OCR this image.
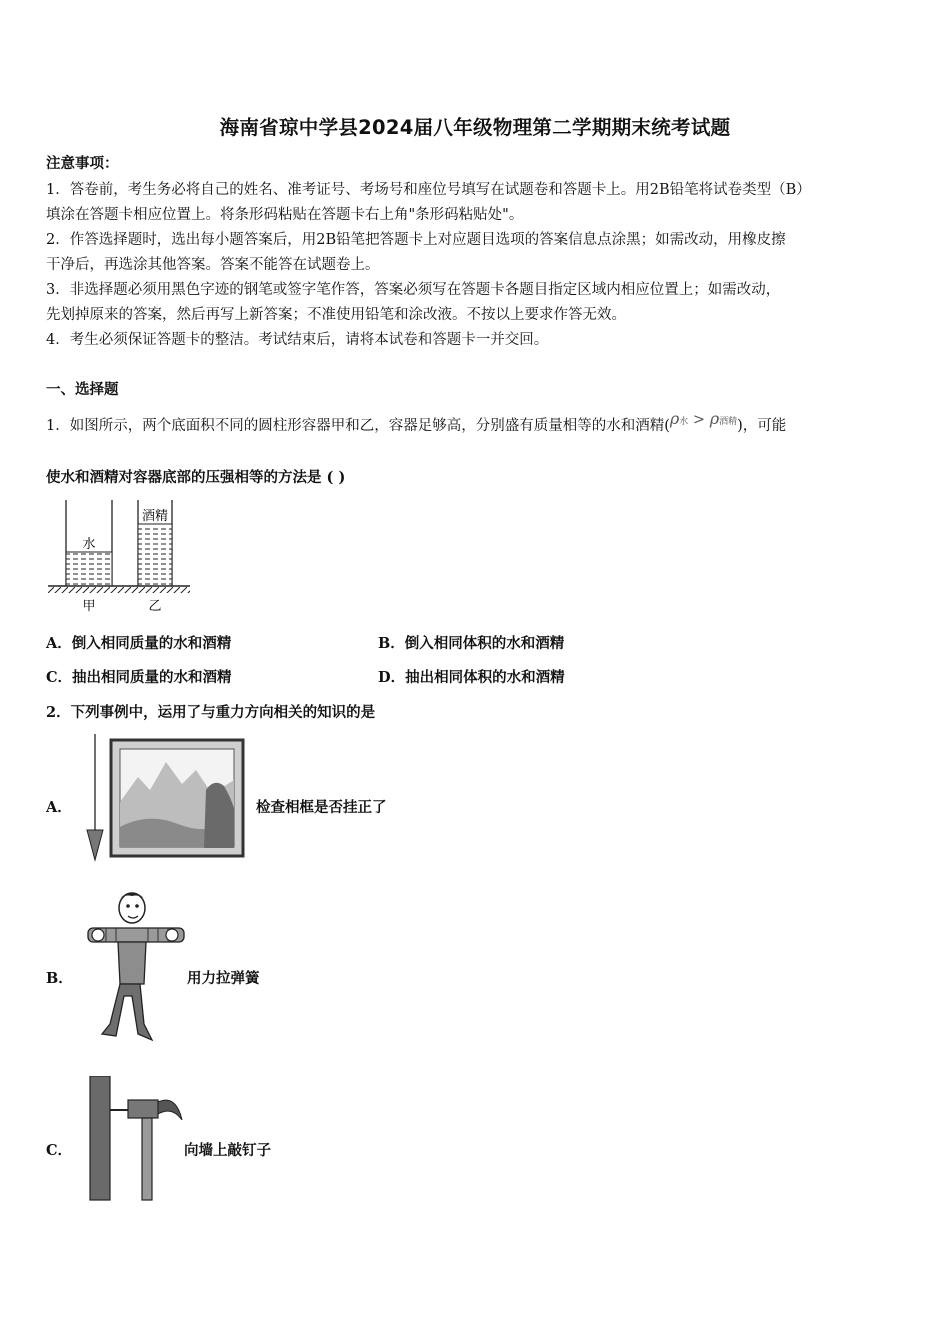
海南省琼中学县2024届八年级物理第二学期期末统考试题
注意事项：
1．答卷前，考生务必将自己的姓名、准考证号、考场号和座位号填写在试题卷和答题卡上。用2B铅笔将试卷类型（B）
填涂在答题卡相应位置上。将条形码粘贴在答题卡右上角"条形码粘贴处"。
2．作答选择题时，选出每小题答案后，用2B铅笔把答题卡上对应题目选项的答案信息点涂黑；如需改动，用橡皮擦
干净后，再选涂其他答案。答案不能答在试题卷上。
3．非选择题必须用黑色字迹的钢笔或签字笔作答，答案必须写在答题卡各题目指定区域内相应位置上；如需改动，
先划掉原来的答案，然后再写上新答案；不准使用铅笔和涂改液。不按以上要求作答无效。
4．考生必须保证答题卡的整洁。考试结束后，请将本试卷和答题卡一并交回。
一、选择题
1．如图所示，两个底面积不同的圆柱形容器甲和乙，容器足够高，分别盛有质量相等的水和酒精(ρ水 > ρ酒精)，可能
使水和酒精对容器底部的压强相等的方法是 ( )
水
酒精
甲	乙
A．倒入相同质量的水和酒精	B．倒入相同体积的水和酒精
C．抽出相同质量的水和酒精	D．抽出相同体积的水和酒精
2．下列事例中，运用了与重力方向相关的知识的是
A．	检查相框是否挂正了
B．	用力拉弹簧
C．	向墙上敲钉子
